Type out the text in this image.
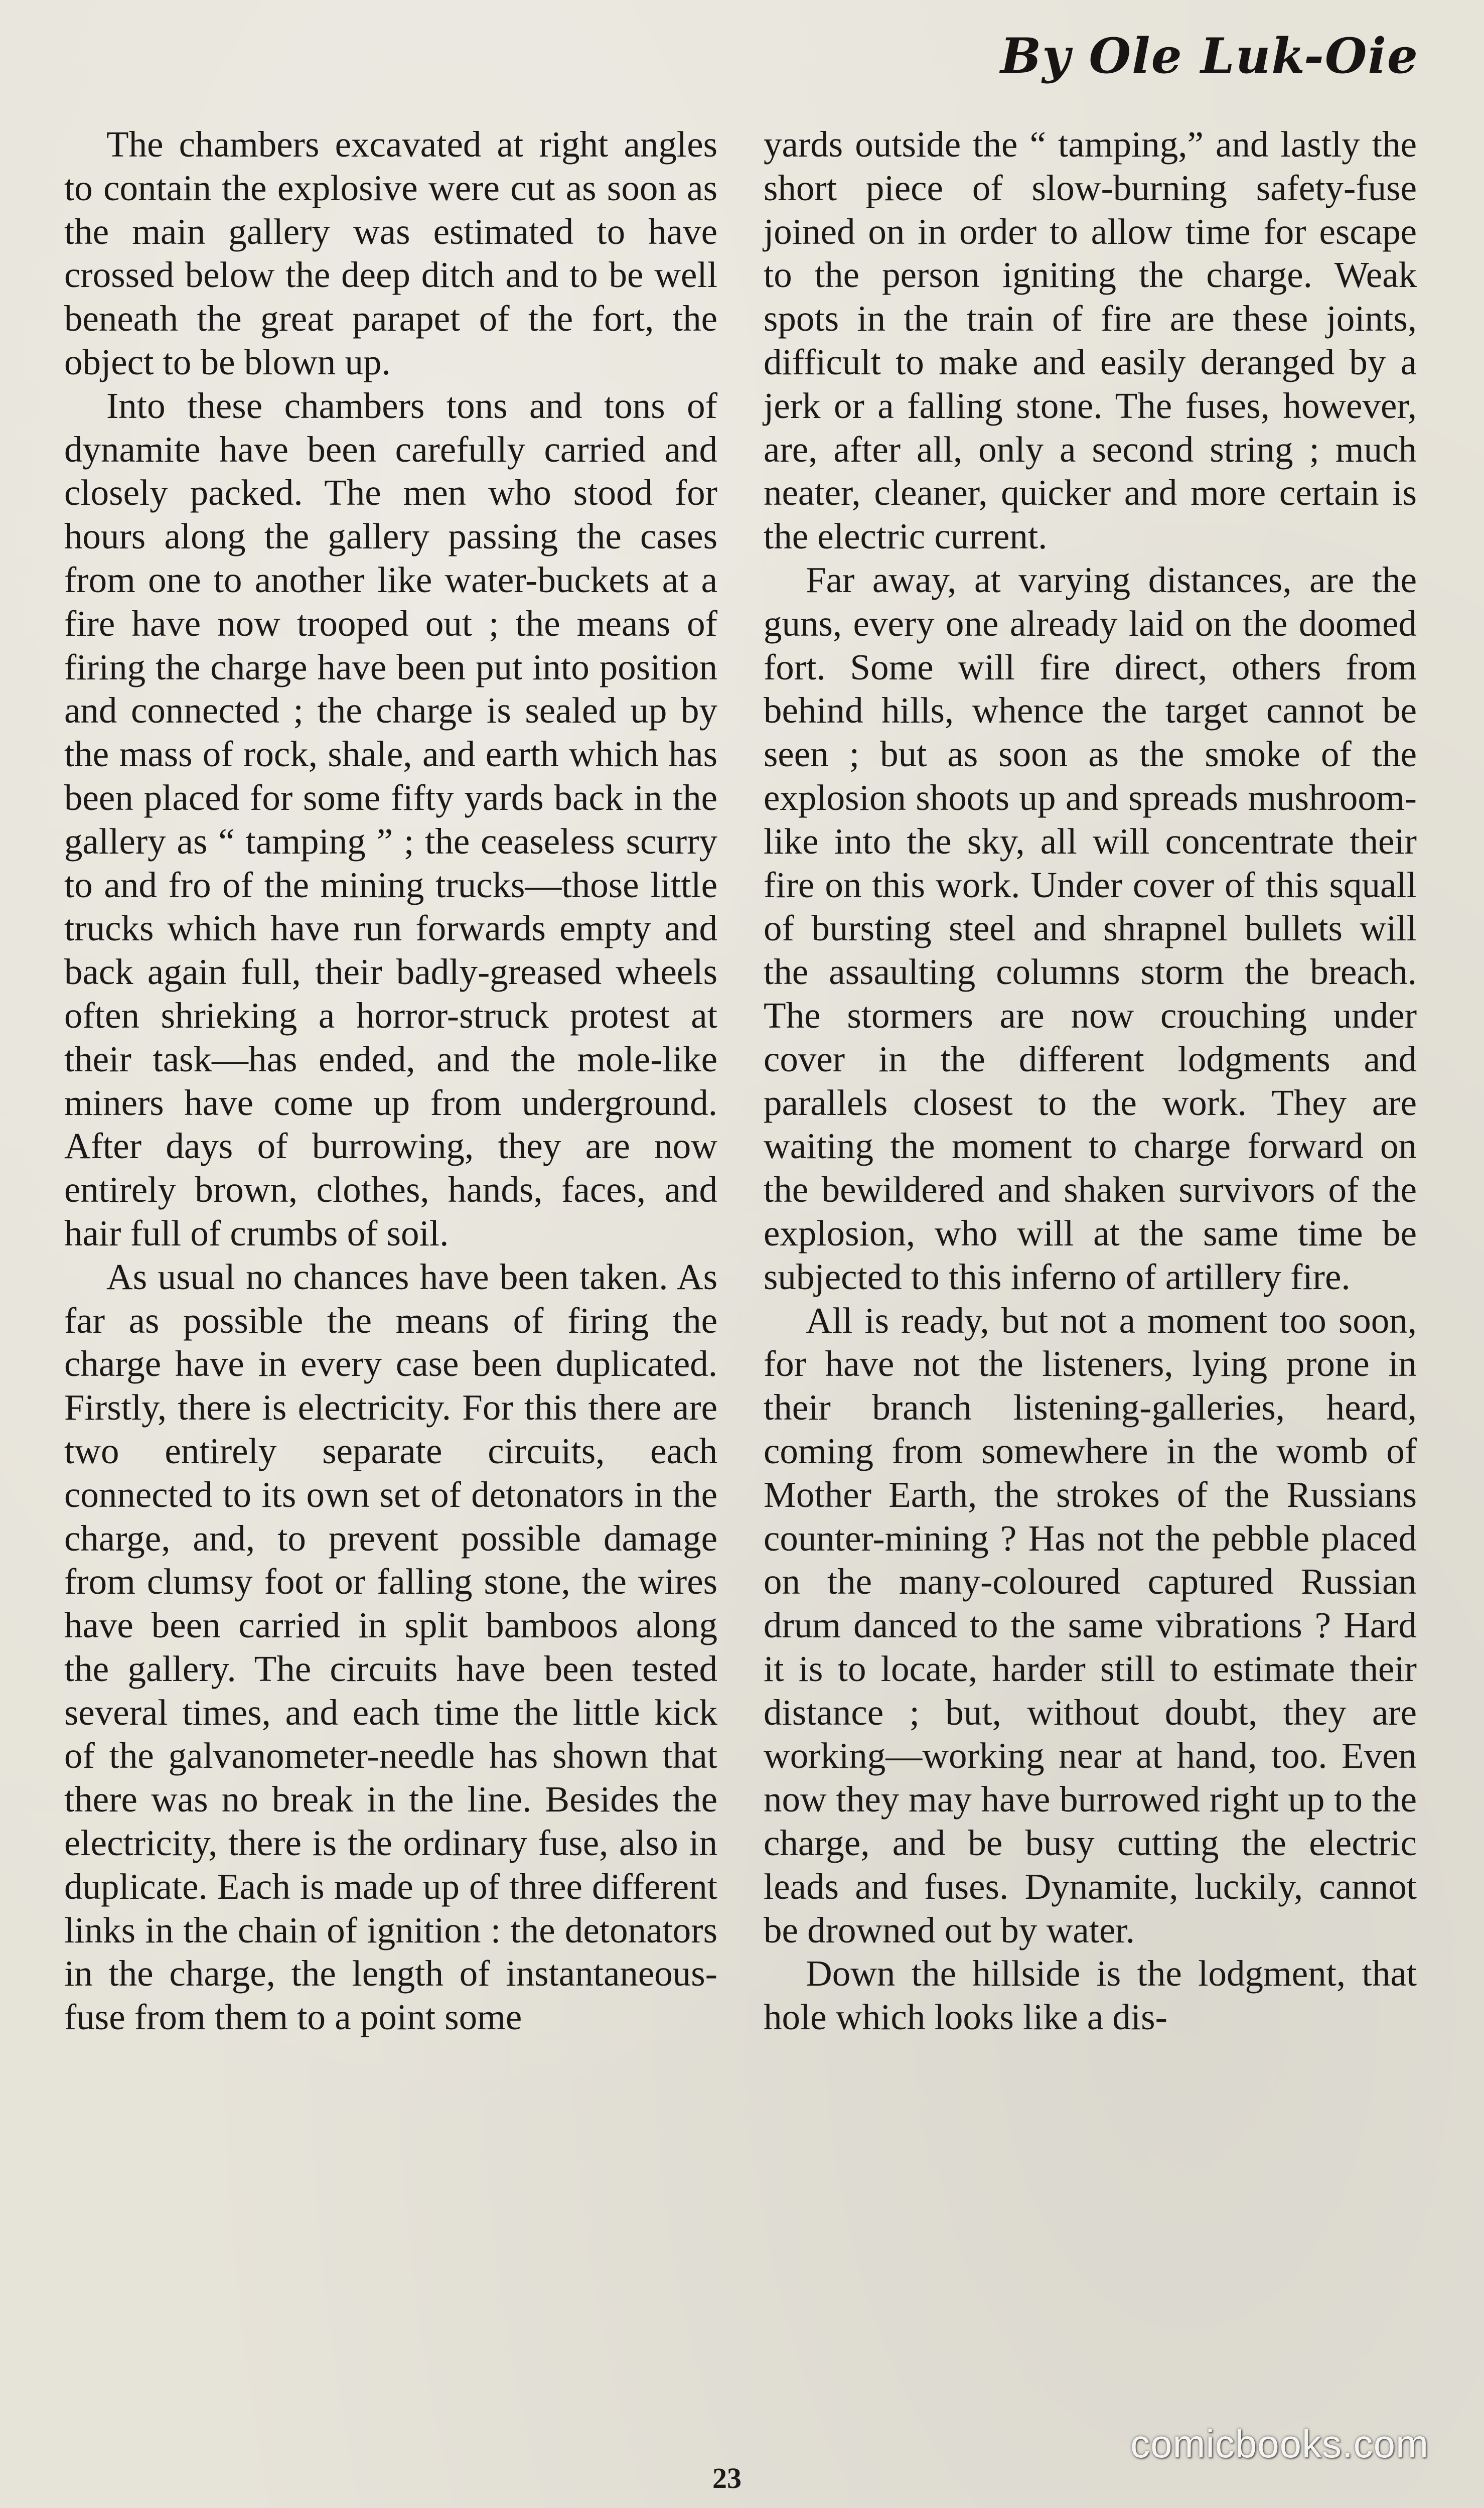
By Ole Luk-Oie

The chambers excavated at right angles to contain the explosive were cut as soon as the main gallery was estimated to have crossed below the deep ditch and to be well beneath the great parapet of the fort, the object to be blown up.

Into these chambers tons and tons of dynamite have been carefully carried and closely packed. The men who stood for hours along the gallery passing the cases from one to another like water-buckets at a fire have now trooped out ; the means of firing the charge have been put into position and connected ; the charge is sealed up by the mass of rock, shale, and earth which has been placed for some fifty yards back in the gallery as “ tamping ” ; the ceaseless scurry to and fro of the mining trucks—those little trucks which have run forwards empty and back again full, their badly-greased wheels often shrieking a horror-struck protest at their task—has ended, and the mole-like miners have come up from underground. After days of burrowing, they are now entirely brown, clothes, hands, faces, and hair full of crumbs of soil.

As usual no chances have been taken. As far as possible the means of firing the charge have in every case been duplicated. Firstly, there is electricity. For this there are two entirely separate circuits, each connected to its own set of detonators in the charge, and, to prevent possible damage from clumsy foot or falling stone, the wires have been carried in split bamboos along the gallery. The circuits have been tested several times, and each time the little kick of the galvanometer-needle has shown that there was no break in the line. Besides the electricity, there is the ordinary fuse, also in duplicate. Each is made up of three different links in the chain of ignition : the detonators in the charge, the length of instantaneous-fuse from them to a point some

yards outside the “ tamping,” and lastly the short piece of slow-burning safety-fuse joined on in order to allow time for escape to the person igniting the charge. Weak spots in the train of fire are these joints, difficult to make and easily deranged by a jerk or a falling stone. The fuses, however, are, after all, only a second string ; much neater, cleaner, quicker and more certain is the electric current.

Far away, at varying distances, are the guns, every one already laid on the doomed fort. Some will fire direct, others from behind hills, whence the target cannot be seen ; but as soon as the smoke of the explosion shoots up and spreads mushroom-like into the sky, all will concentrate their fire on this work. Under cover of this squall of bursting steel and shrapnel bullets will the assaulting columns storm the breach. The stormers are now crouching under cover in the different lodgments and parallels closest to the work. They are waiting the moment to charge forward on the bewildered and shaken survivors of the explosion, who will at the same time be subjected to this inferno of artillery fire.

All is ready, but not a moment too soon, for have not the listeners, lying prone in their branch listening-galleries, heard, coming from somewhere in the womb of Mother Earth, the strokes of the Russians counter-mining ? Has not the pebble placed on the many-coloured captured Russian drum danced to the same vibrations ? Hard it is to locate, harder still to estimate their distance ; but, without doubt, they are working—working near at hand, too. Even now they may have burrowed right up to the charge, and be busy cutting the electric leads and fuses. Dynamite, luckily, cannot be drowned out by water.

Down the hillside is the lodgment, that hole which looks like a dis-

23
comicbooks.com
